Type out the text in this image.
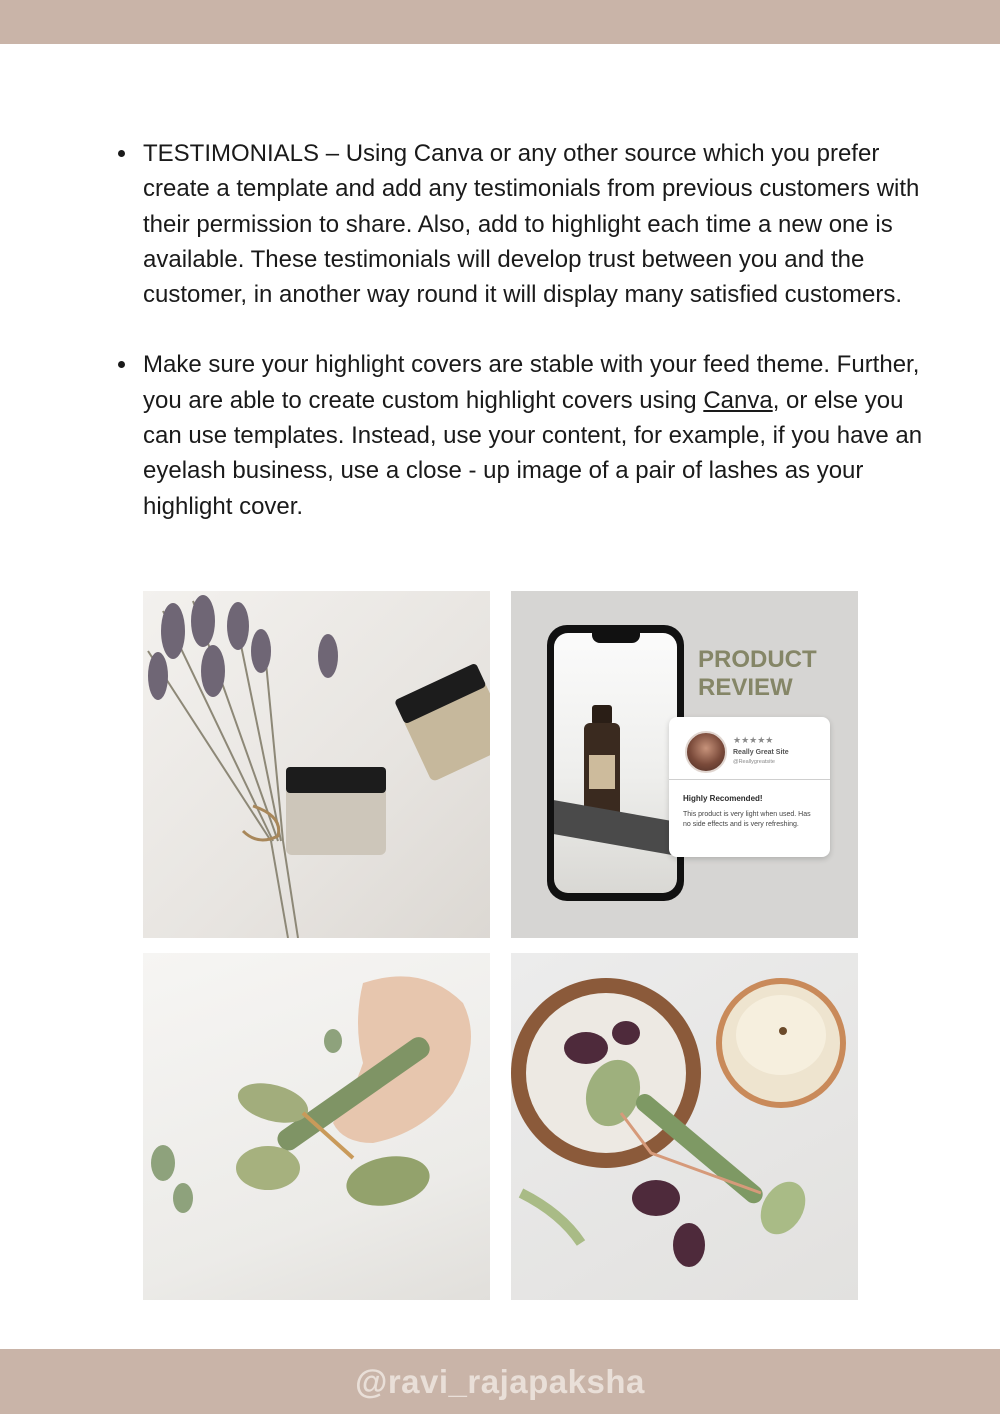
TESTIMONIALS – Using Canva or any other source which you prefer create a template and add any testimonials from previous customers with their permission to share. Also, add to highlight each time a new one is available. These testimonials will develop trust between you and the customer, in another way round it will display many satisfied customers.
Make sure your highlight covers are stable with your feed theme. Further, you are able to create custom highlight covers using Canva, or else you can use templates. Instead, use your content, for example, if you have an eyelash business, use a close - up image of a pair of lashes as your highlight cover.
PRODUCT
REVIEW
★★★★★
Really Great Site
@Reallygreatsite
Highly Recomended!
This product is very light when used. Has no side effects and is very refreshing.
@ravi_rajapaksha
